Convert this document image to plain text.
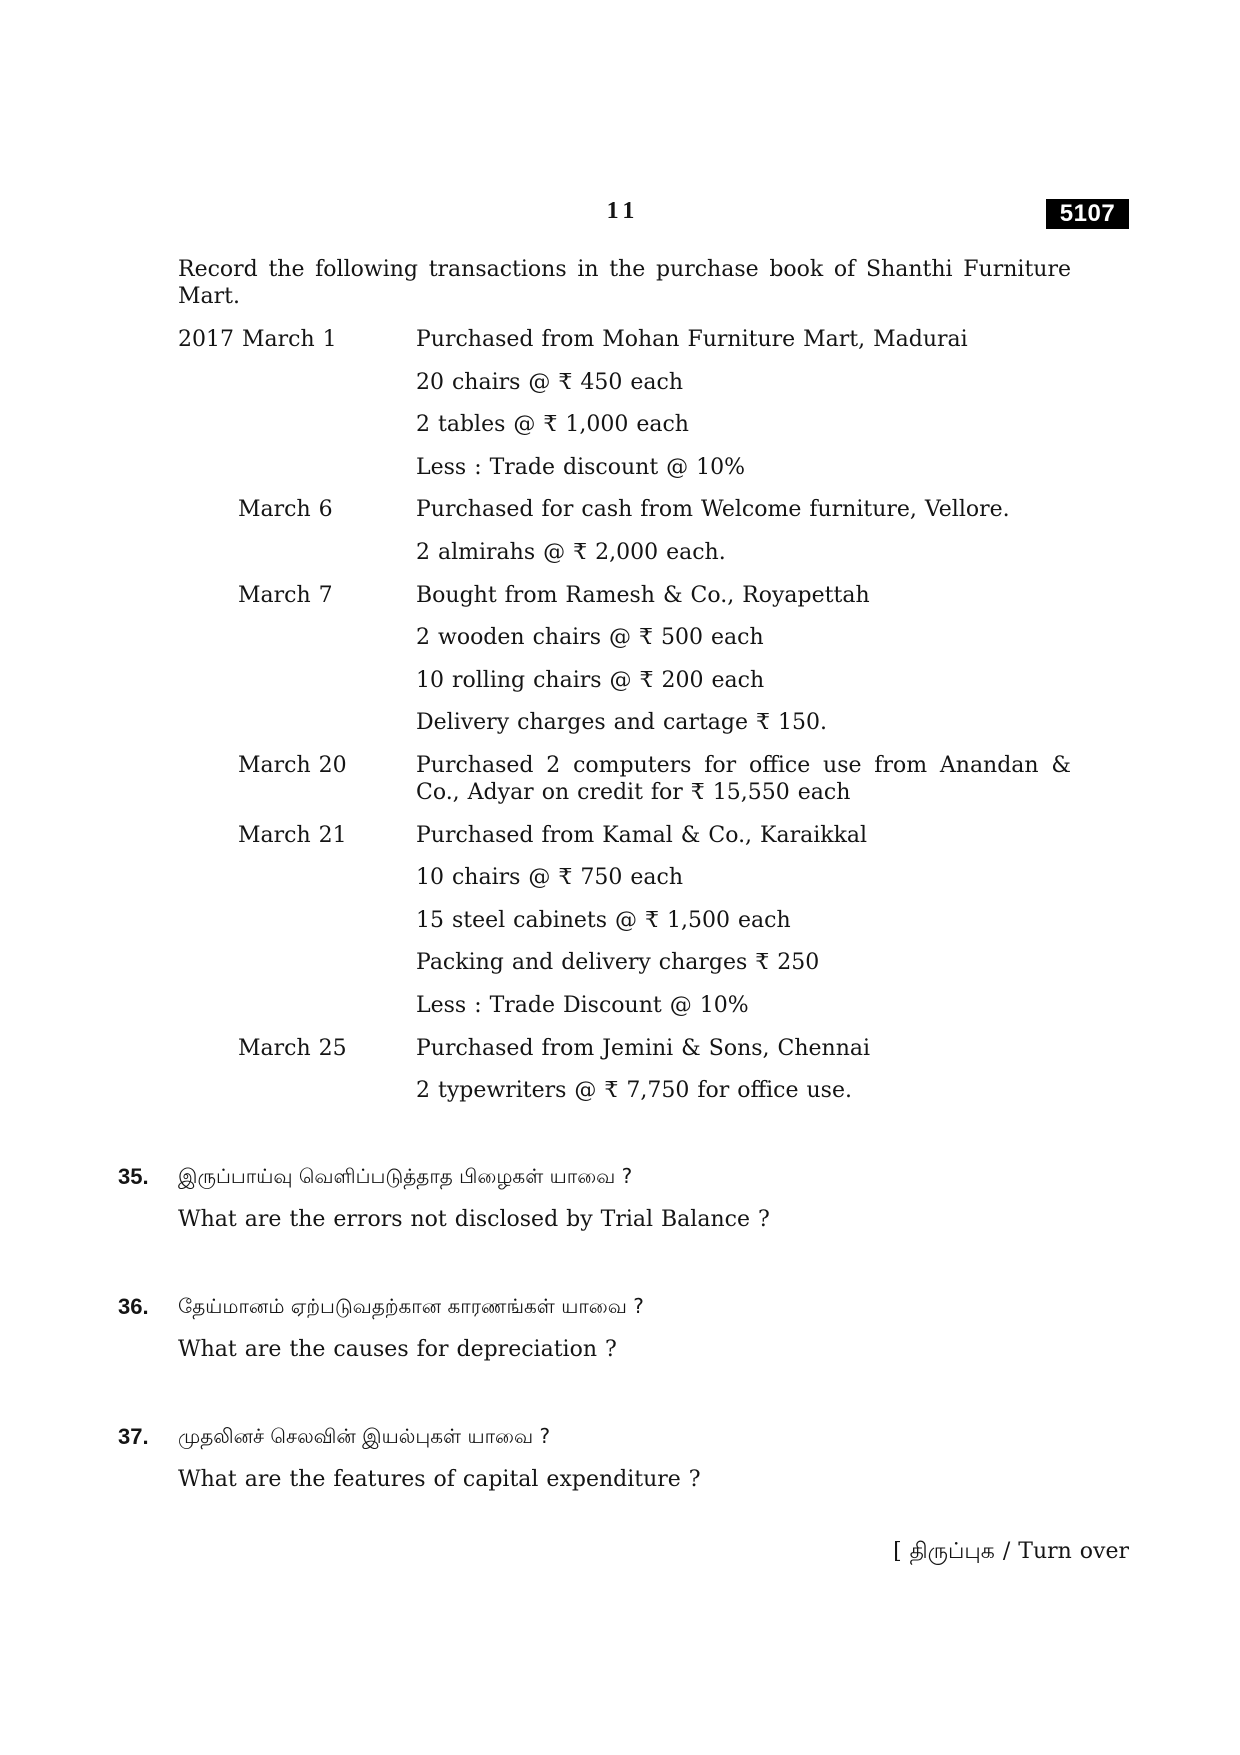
11	5107
Record the following transactions in the purchase book of Shanthi Furniture
Mart.
2017 March 1	Purchased from Mohan Furniture Mart, Madurai
20 chairs @ ₹ 450 each
2 tables @ ₹ 1,000 each
Less : Trade discount @ 10%
March 6	Purchased for cash from Welcome furniture, Vellore.
2 almirahs @ ₹ 2,000 each.
March 7	Bought from Ramesh & Co., Royapettah
2 wooden chairs @ ₹ 500 each
10 rolling chairs @ ₹ 200 each
Delivery charges and cartage ₹ 150.
March 20	Purchased 2 computers for office use from Anandan &
Co., Adyar on credit for ₹ 15,550 each
March 21	Purchased from Kamal & Co., Karaikkal
10 chairs @ ₹ 750 each
15 steel cabinets @ ₹ 1,500 each
Packing and delivery charges ₹ 250
Less : Trade Discount @ 10%
March 25	Purchased from Jemini & Sons, Chennai
2 typewriters @ ₹ 7,750 for office use.
35. இருப்பாய்வு வெளிப்படுத்தாத பிழைகள் யாவை ?
What are the errors not disclosed by Trial Balance ?
36. தேய்மானம் ஏற்படுவதற்கான காரணங்கள் யாவை ?
What are the causes for depreciation ?
37. முதலினச் செலவின் இயல்புகள் யாவை ?
What are the features of capital expenditure ?
[ திருப்புக / Turn over
